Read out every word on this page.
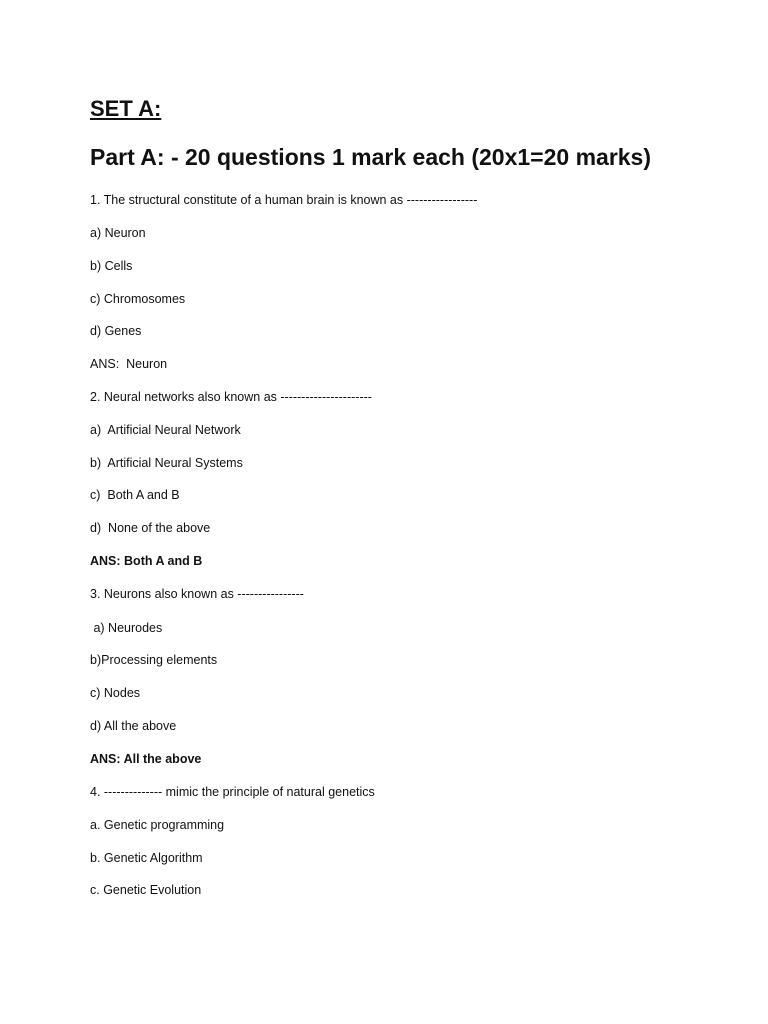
SET A:
Part A: - 20 questions 1 mark each (20x1=20 marks)
1. The structural constitute of a human brain is known as -----------------
a) Neuron
b) Cells
c) Chromosomes
d) Genes
ANS:  Neuron
2. Neural networks also known as ----------------------
a)  Artificial Neural Network
b)  Artificial Neural Systems
c)  Both A and B
d)  None of the above
ANS: Both A and B
3. Neurons also known as ----------------
a) Neurodes
b)Processing elements
c) Nodes
d) All the above
ANS: All the above
4. -------------- mimic the principle of natural genetics
a. Genetic programming
b. Genetic Algorithm
c. Genetic Evolution
